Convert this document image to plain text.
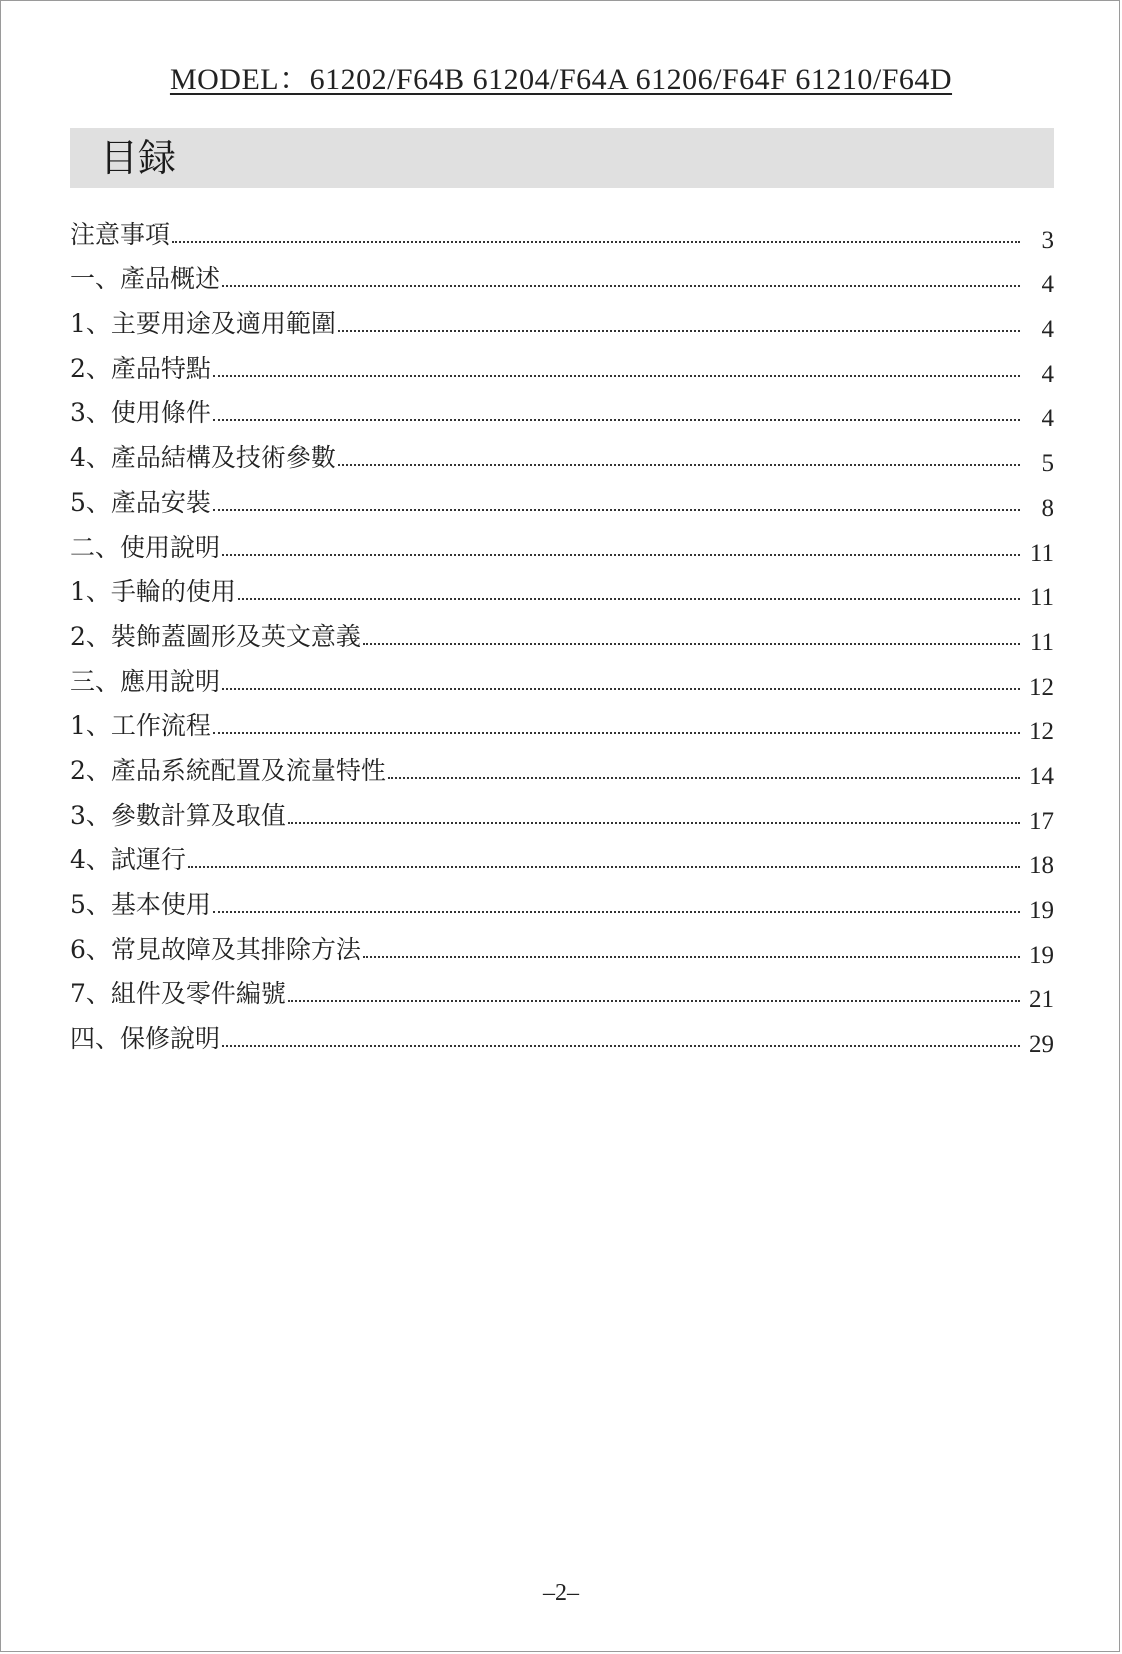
MODEL：61202/F64B 61204/F64A 61206/F64F 61210/F64D
目録
注意事項	3
一、產品概述	4
1、主要用途及適用範圍	4
2、產品特點	4
3、使用條件	4
4、產品結構及技術參數	5
5、產品安裝	8
二、使用說明	11
1、手輪的使用	11
2、裝飾蓋圖形及英文意義	11
三、應用說明	12
1、工作流程	12
2、產品系統配置及流量特性	14
3、參數計算及取值	17
4、試運行	18
5、基本使用	19
6、常見故障及其排除方法	19
7、組件及零件編號	21
四、保修說明	29
–2–
